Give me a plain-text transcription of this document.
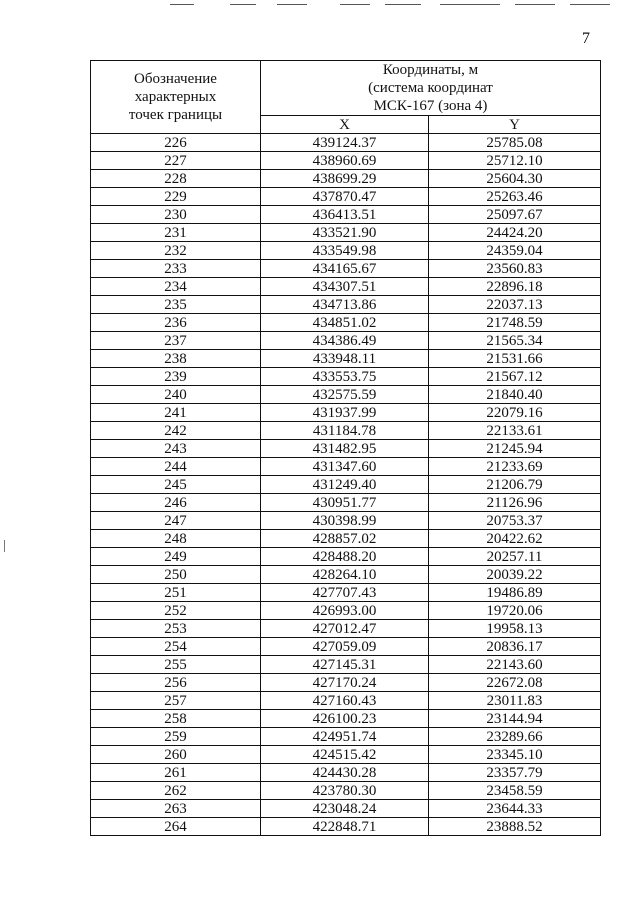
7
Обозначение
характерных
точек границы	Координаты, м
(система координат
МСК-167 (зона 4)	

	X	Y
226	439124.37	25785.08
227	438960.69	25712.10
228	438699.29	25604.30
229	437870.47	25263.46
230	436413.51	25097.67
231	433521.90	24424.20
232	433549.98	24359.04
233	434165.67	23560.83
234	434307.51	22896.18
235	434713.86	22037.13
236	434851.02	21748.59
237	434386.49	21565.34
238	433948.11	21531.66
239	433553.75	21567.12
240	432575.59	21840.40
241	431937.99	22079.16
242	431184.78	22133.61
243	431482.95	21245.94
244	431347.60	21233.69
245	431249.40	21206.79
246	430951.77	21126.96
247	430398.99	20753.37
248	428857.02	20422.62
249	428488.20	20257.11
250	428264.10	20039.22
251	427707.43	19486.89
252	426993.00	19720.06
253	427012.47	19958.13
254	427059.09	20836.17
255	427145.31	22143.60
256	427170.24	22672.08
257	427160.43	23011.83
258	426100.23	23144.94
259	424951.74	23289.66
260	424515.42	23345.10
261	424430.28	23357.79
262	423780.30	23458.59
263	423048.24	23644.33
264	422848.71	23888.52
